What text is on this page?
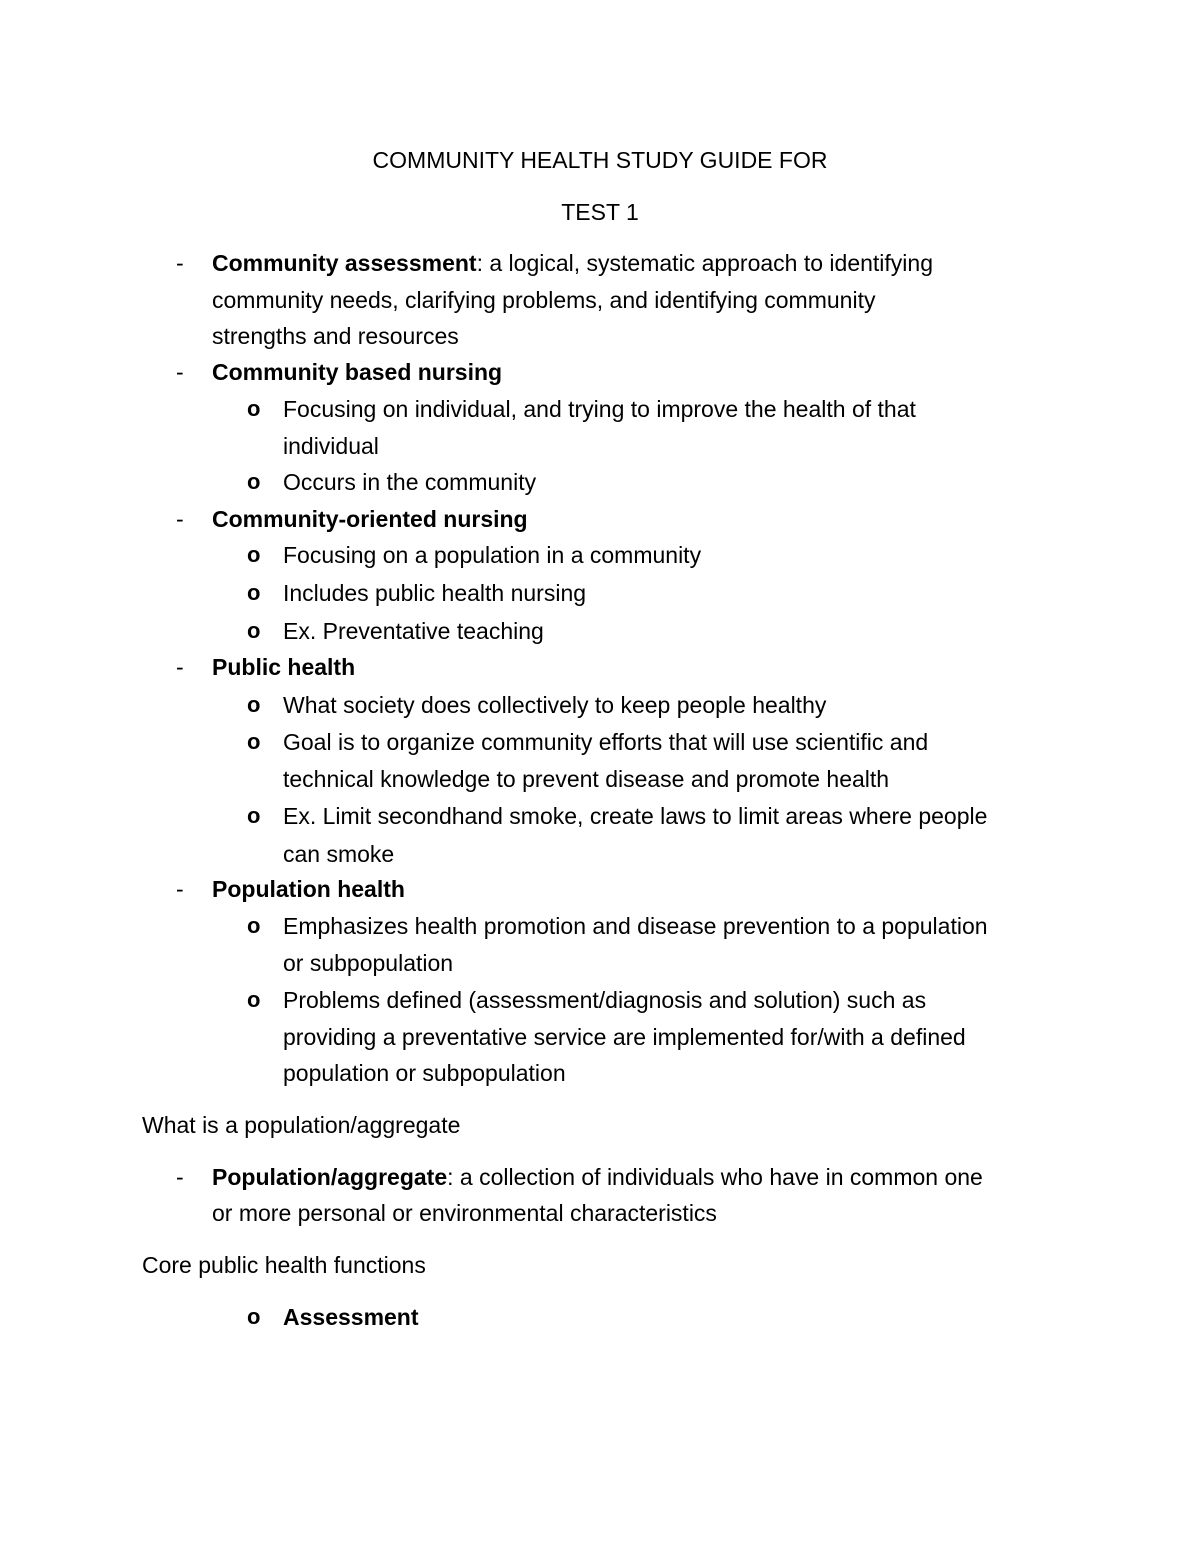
COMMUNITY HEALTH STUDY GUIDE FOR
TEST 1
- Community assessment: a logical, systematic approach to identifying
community needs, clarifying problems, and identifying community
strengths and resources
- Community based nursing
o Focusing on individual, and trying to improve the health of that
individual
o Occurs in the community
- Community-oriented nursing
o Focusing on a population in a community
o Includes public health nursing
o Ex. Preventative teaching
- Public health
o What society does collectively to keep people healthy
o Goal is to organize community efforts that will use scientific and
technical knowledge to prevent disease and promote health
o Ex. Limit secondhand smoke, create laws to limit areas where people
can smoke
- Population health
o Emphasizes health promotion and disease prevention to a population
or subpopulation
o Problems defined (assessment/diagnosis and solution) such as
providing a preventative service are implemented for/with a defined
population or subpopulation
What is a population/aggregate
- Population/aggregate: a collection of individuals who have in common one
or more personal or environmental characteristics
Core public health functions
o Assessment
